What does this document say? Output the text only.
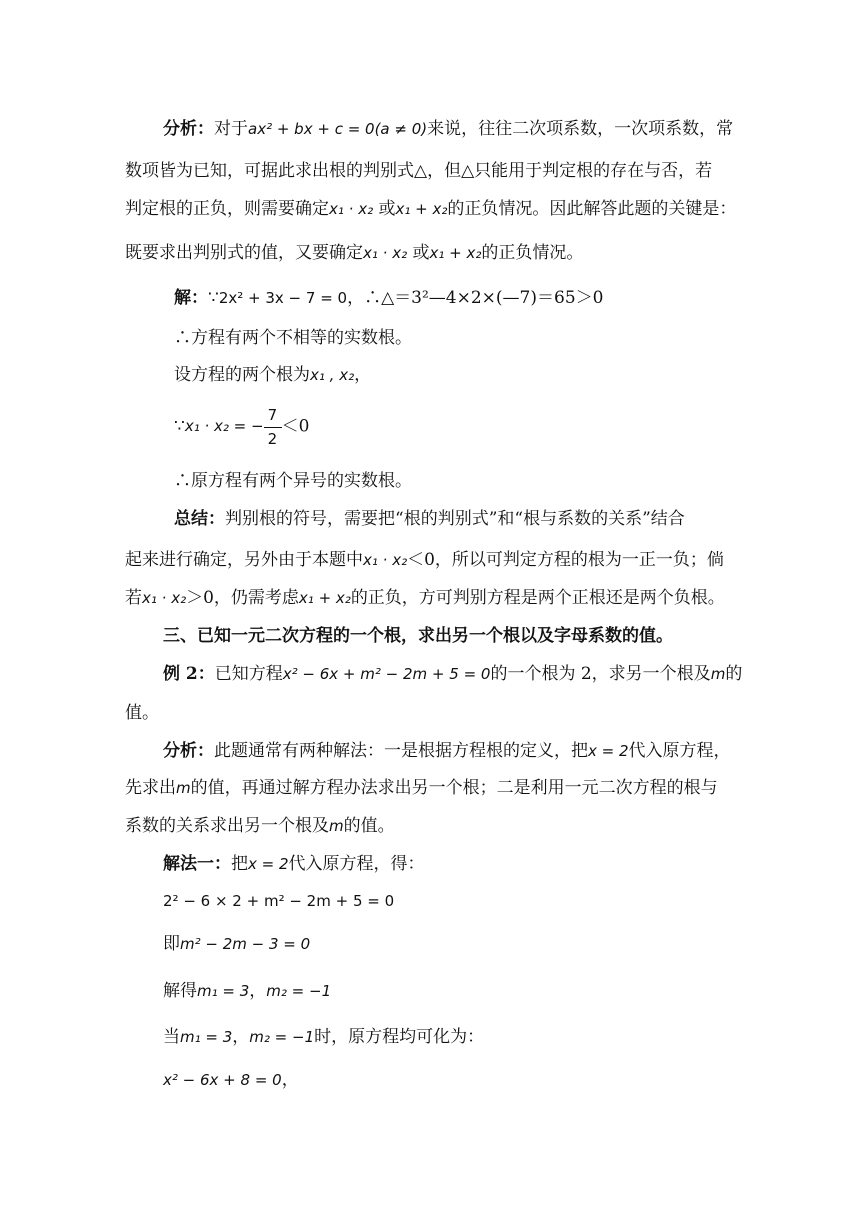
分析：对于ax² + bx + c = 0(a ≠ 0)来说，往往二次项系数，一次项系数，常
数项皆为已知，可据此求出根的判别式△，但△只能用于判定根的存在与否，若
判定根的正负，则需要确定x₁ · x₂ 或x₁ + x₂的正负情况。因此解答此题的关键是：
既要求出判别式的值，又要确定x₁ · x₂ 或x₁ + x₂的正负情况。
解：∵2x² + 3x − 7 = 0，∴△＝3²—4×2×(—7)＝65＞0
∴方程有两个不相等的实数根。
设方程的两个根为x₁ , x₂，
∵x₁ · x₂ = − $\frac{7}{2} <0$
∴原方程有两个异号的实数根。
总结：判别根的符号，需要把“根的判别式”和“根与系数的关系”结合
起来进行确定，另外由于本题中x₁ · x₂＜0，所以可判定方程的根为一正一负；倘
若x₁ · x₂＞0，仍需考虑x₁ + x₂的正负，方可判别方程是两个正根还是两个负根。
三、已知一元二次方程的一个根，求出另一个根以及字母系数的值。
例 2：已知方程x² − 6x + m² − 2m + 5 = 0的一个根为 2，求另一个根及m的
值。
分析：此题通常有两种解法：一是根据方程根的定义，把x = 2代入原方程，
先求出m的值，再通过解方程办法求出另一个根；二是利用一元二次方程的根与
系数的关系求出另一个根及m的值。
解法一：把x = 2代入原方程，得：
2² − 6 × 2 + m² − 2m + 5 = 0
即m² − 2m − 3 = 0
解得m₁ = 3，m₂ = −1
当m₁ = 3，m₂ = −1时，原方程均可化为：
x² − 6x + 8 = 0，
